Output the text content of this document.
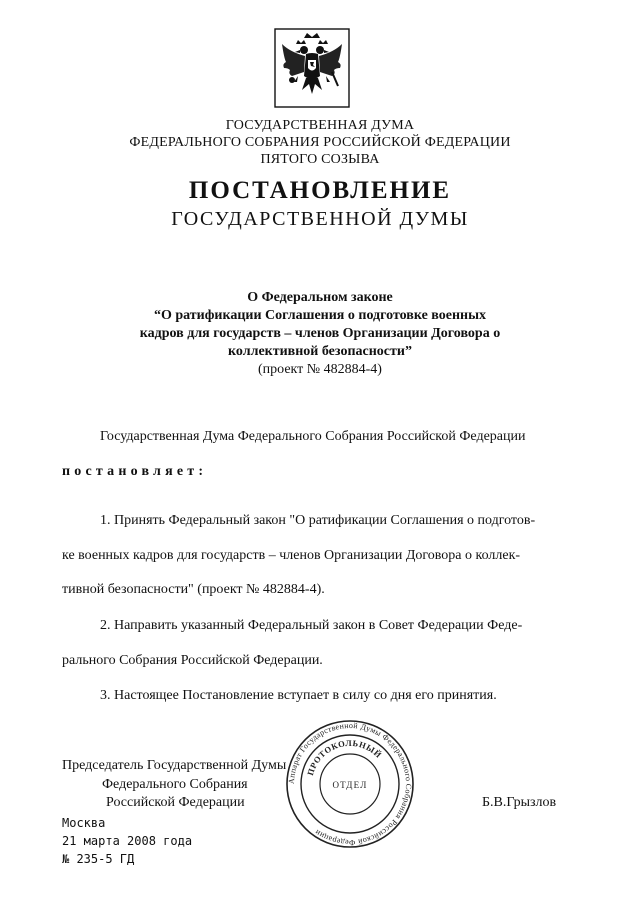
ГОСУДАРСТВЕННАЯ ДУМА
ФЕДЕРАЛЬНОГО СОБРАНИЯ РОССИЙСКОЙ ФЕДЕРАЦИИ
ПЯТОГО СОЗЫВА
ПОСТАНОВЛЕНИЕ
ГОСУДАРСТВЕННОЙ ДУМЫ
О Федеральном законе
“О ратификации Соглашения о подготовке военных
кадров для государств – членов Организации Договора о
коллективной безопасности”
(проект № 482884-4)
Государственная Дума Федерального Собрания Российской Федерации
постановляет:
1. Принять Федеральный закон "О ратификации Соглашения о подготов-
ке военных кадров для государств – членов Организации Договора о коллек-
тивной безопасности" (проект № 482884-4).
2. Направить указанный Федеральный закон в Совет Федерации Феде-
рального Собрания Российской Федерации.
3. Настоящее Постановление вступает в силу со дня его принятия.
Председатель Государственной Думы
Федерального Собрания
Российской Федерации	Б.В.Грызлов
Аппарат Государственной Думы Федерального Собрания Российской Федерации
ПРОТОКОЛЬНЫЙ
ОТДЕЛ
Москва
21 марта 2008 года
№ 235-5 ГД
